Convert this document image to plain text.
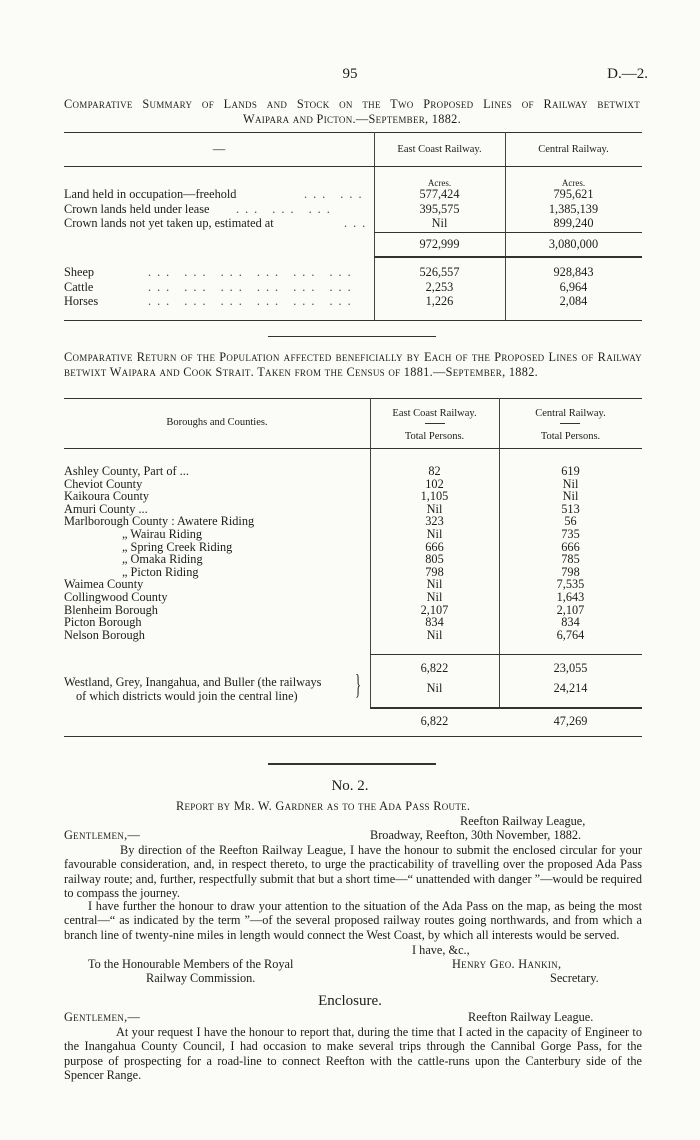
95	D.—2.
Comparative Summary of Lands and Stock on the Two Proposed Lines of Railway betwixt
Waipara and Picton.—September, 1882.
—	East Coast Railway.	Central Railway.
Acres.	Acres.
Land held in occupation—freehold ... ...	577,424	795,621
Crown lands held under lease ... ... ...	395,575	1,385,139
Crown lands not yet taken up, estimated at ...	Nil	899,240
972,999	3,080,000
Sheep ... ... ... ... ... ...	526,557	928,843
Cattle ... ... ... ... ... ...	2,253	6,964
Horses ... ... ... ... ... ...	1,226	2,084
Comparative Return of the Population affected beneficially by Each of the Proposed Lines of Railway betwixt Waipara and Cook Strait. Taken from the Census of 1881.—September, 1882.
Boroughs and Counties.
East Coast Railway.	Central Railway.
Total Persons.	Total Persons.
Ashley County, Part of ...	82	619
Cheviot County	102	Nil
Kaikoura County	1,105	Nil
Amuri County ...	Nil	513
Marlborough County : Awatere Riding	323	56
„ Wairau Riding	Nil	735
„ Spring Creek Riding	666	666
„ Omaka Riding	805	785
„ Picton Riding	798	798
Waimea County	Nil	7,535
Collingwood County	Nil	1,643
Blenheim Borough	2,107	2,107
Picton Borough	834	834
Nelson Borough	Nil	6,764
6,822	23,055
Westland, Grey, Inangahua, and Buller (the railways
of which districts would join the central line)	}	Nil	24,214
6,822	47,269
No. 2.
Report by Mr. W. Gardner as to the Ada Pass Route.
Reefton Railway League,
Gentlemen,—	Broadway, Reefton, 30th November, 1882.
By direction of the Reefton Railway League, I have the honour to submit the enclosed circular for your favourable consideration, and, in respect thereto, to urge the practicability of travelling over the proposed Ada Pass railway route; and, further, respectfully submit that but a short time—“ unattended with danger ”—would be required to compass the journey.
I have further the honour to draw your attention to the situation of the Ada Pass on the map, as being the most central—“ as indicated by the term ”—of the several proposed railway routes going northwards, and from which a branch line of twenty-nine miles in length would connect the West Coast, by which all interests would be served.
I have, &c.,
To the Honourable Members of the Royal	Henry Geo. Hankin,
Railway Commission.	Secretary.
Enclosure.
Gentlemen,—	Reefton Railway League.
At your request I have the honour to report that, during the time that I acted in the capacity of Engineer to the Inangahua County Council, I had occasion to make several trips through the Cannibal Gorge Pass, for the purpose of prospecting for a road-line to connect Reefton with the cattle-runs upon the Canterbury side of the Spencer Range.
